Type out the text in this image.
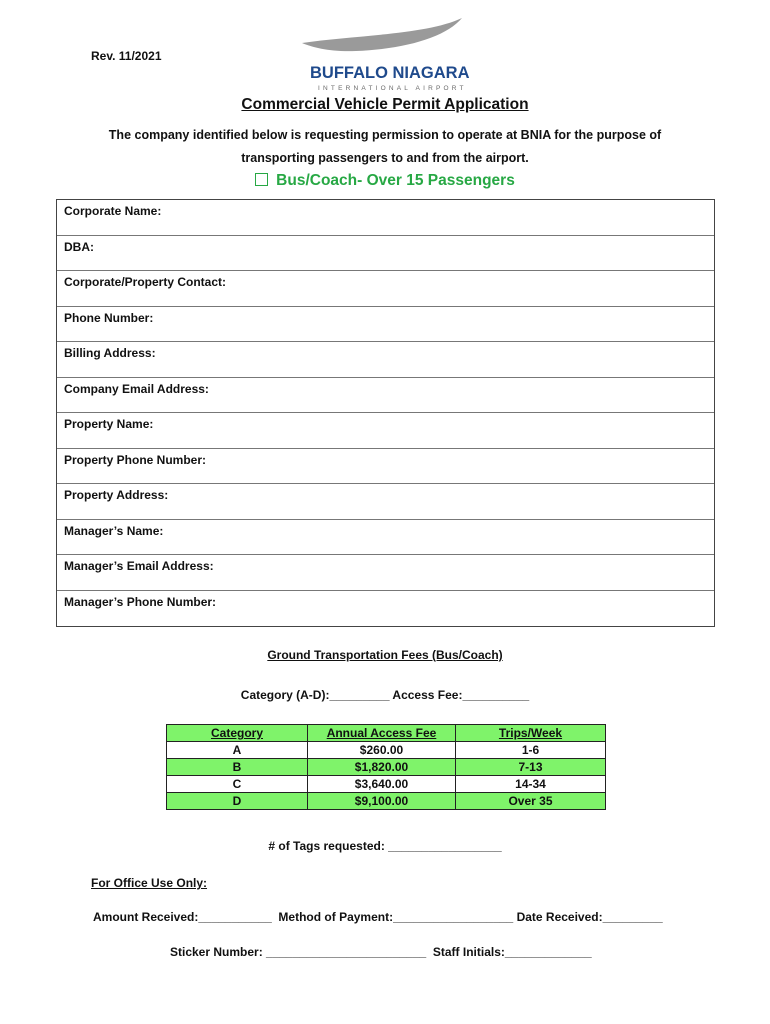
Rev. 11/2021
BUFFALO NIAGARA
INTERNATIONAL AIRPORT
Commercial Vehicle Permit Application
The company identified below is requesting permission to operate at BNIA for the purpose of
transporting passengers to and from the airport.
Bus/Coach- Over 15 Passengers
Corporate Name:
DBA:
Corporate/Property Contact:
Phone Number:
Billing Address:
Company Email Address:
Property Name:
Property Phone Number:
Property Address:
Manager’s Name:
Manager’s Email Address:
Manager’s Phone Number:
Ground Transportation Fees (Bus/Coach)
Category (A-D):_________ Access Fee:__________
Category	Annual Access Fee	Trips/Week
A	$260.00	1-6
B	$1,820.00	7-13
C	$3,640.00	14-34
D	$9,100.00	Over 35
# of Tags requested: _________________
For Office Use Only:
Amount Received:___________  Method of Payment:__________________ Date Received:_________
Sticker Number: ________________________  Staff Initials:_____________
